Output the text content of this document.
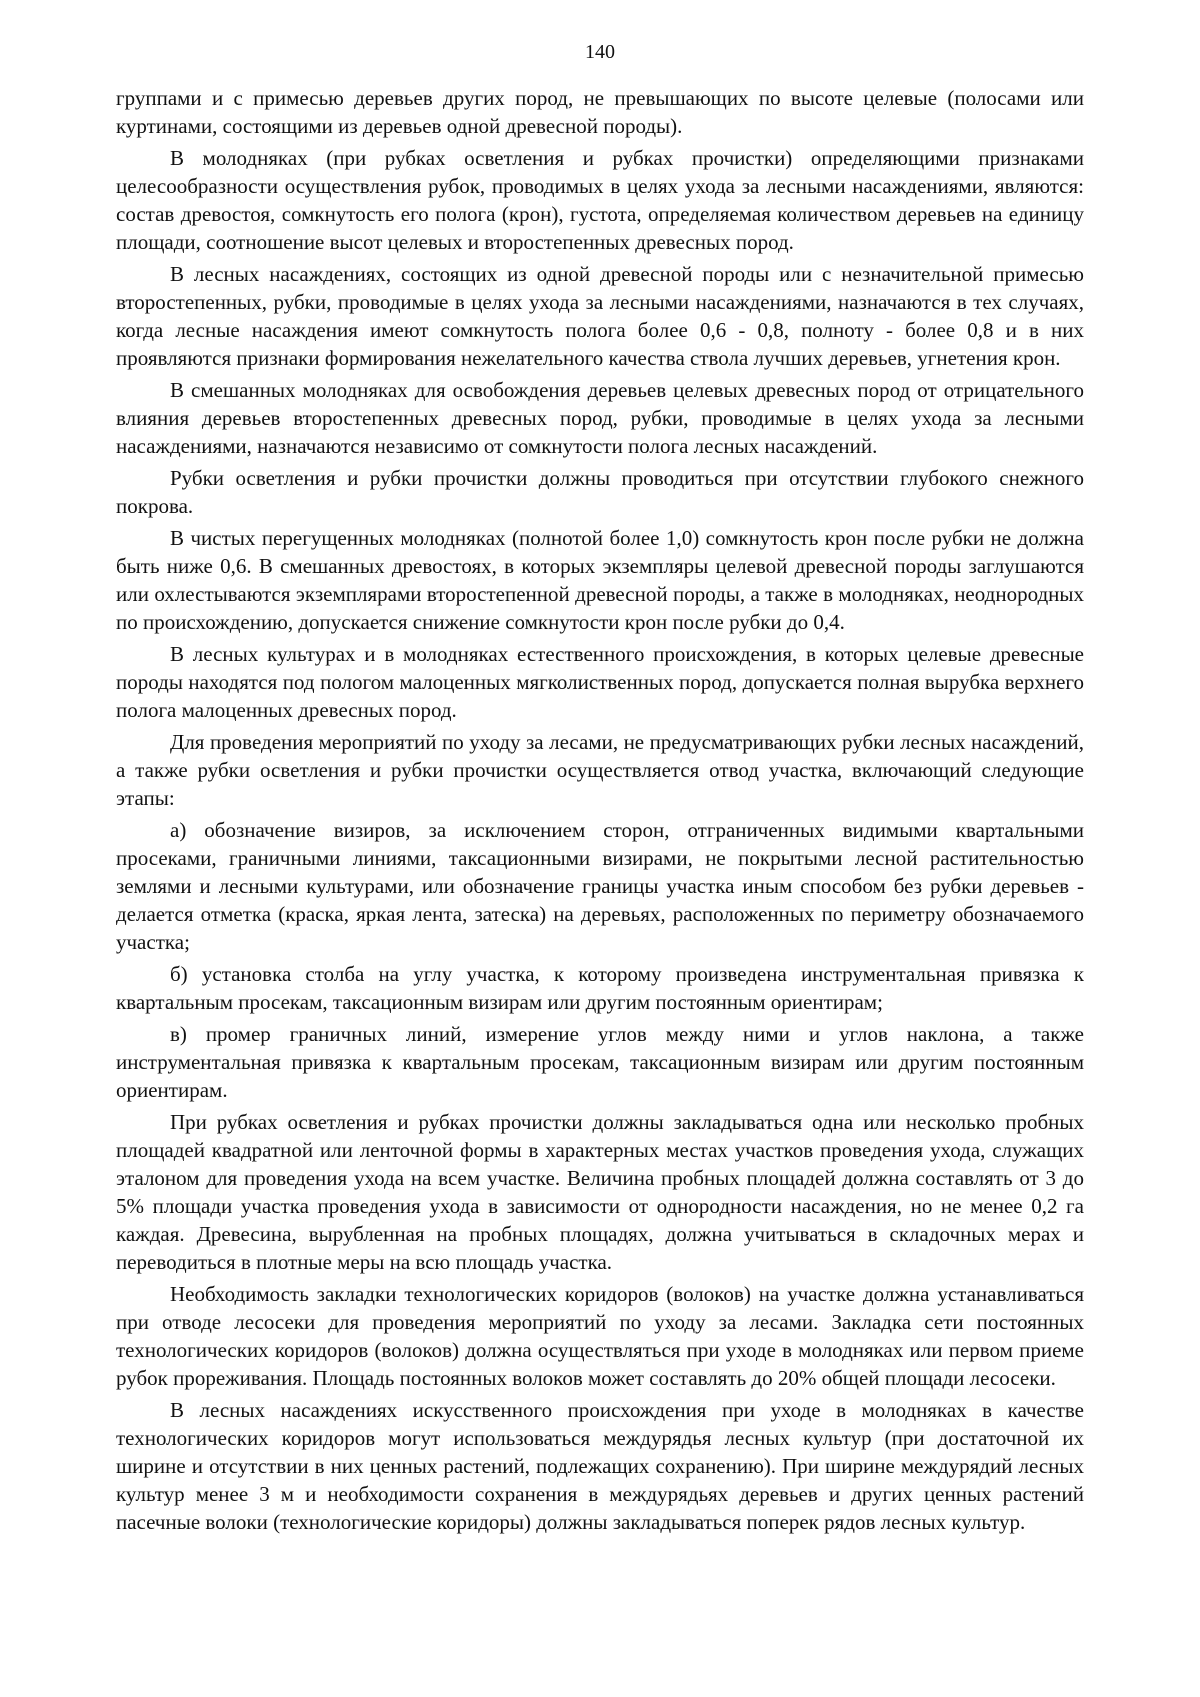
140

группами и с примесью деревьев других пород, не превышающих по высоте целевые (полосами или куртинами, состоящими из деревьев одной древесной породы).

В молодняках (при рубках осветления и рубках прочистки) определяющими признаками целесообразности осуществления рубок, проводимых в целях ухода за лесными насаждениями, являются: состав древостоя, сомкнутость его полога (крон), густота, определяемая количеством деревьев на единицу площади, соотношение высот целевых и второстепенных древесных пород.

В лесных насаждениях, состоящих из одной древесной породы или с незначительной примесью второстепенных, рубки, проводимые в целях ухода за лесными насаждениями, назначаются в тех случаях, когда лесные насаждения имеют сомкнутость полога более 0,6 - 0,8, полноту - более 0,8 и в них проявляются признаки формирования нежелательного качества ствола лучших деревьев, угнетения крон.

В смешанных молодняках для освобождения деревьев целевых древесных пород от отрицательного влияния деревьев второстепенных древесных пород, рубки, проводимые в целях ухода за лесными насаждениями, назначаются независимо от сомкнутости полога лесных насаждений.

Рубки осветления и рубки прочистки должны проводиться при отсутствии глубокого снежного покрова.

В чистых перегущенных молодняках (полнотой более 1,0) сомкнутость крон после рубки не должна быть ниже 0,6. В смешанных древостоях, в которых экземпляры целевой древесной породы заглушаются или охлестываются экземплярами второстепенной древесной породы, а также в молодняках, неоднородных по происхождению, допускается снижение сомкнутости крон после рубки до 0,4.

В лесных культурах и в молодняках естественного происхождения, в которых целевые древесные породы находятся под пологом малоценных мягколиственных пород, допускается полная вырубка верхнего полога малоценных древесных пород.

Для проведения мероприятий по уходу за лесами, не предусматривающих рубки лесных насаждений, а также рубки осветления и рубки прочистки осуществляется отвод участка, включающий следующие этапы:

а) обозначение визиров, за исключением сторон, отграниченных видимыми квартальными просеками, граничными линиями, таксационными визирами, не покрытыми лесной растительностью землями и лесными культурами, или обозначение границы участка иным способом без рубки деревьев - делается отметка (краска, яркая лента, затеска) на деревьях, расположенных по периметру обозначаемого участка;

б) установка столба на углу участка, к которому произведена инструментальная привязка к квартальным просекам, таксационным визирам или другим постоянным ориентирам;

в) промер граничных линий, измерение углов между ними и углов наклона, а также инструментальная привязка к квартальным просекам, таксационным визирам или другим постоянным ориентирам.

При рубках осветления и рубках прочистки должны закладываться одна или несколько пробных площадей квадратной или ленточной формы в характерных местах участков проведения ухода, служащих эталоном для проведения ухода на всем участке. Величина пробных площадей должна составлять от 3 до 5% площади участка проведения ухода в зависимости от однородности насаждения, но не менее 0,2 га каждая. Древесина, вырубленная на пробных площадях, должна учитываться в складочных мерах и переводиться в плотные меры на всю площадь участка.

Необходимость закладки технологических коридоров (волоков) на участке должна устанавливаться при отводе лесосеки для проведения мероприятий по уходу за лесами. Закладка сети постоянных технологических коридоров (волоков) должна осуществляться при уходе в молодняках или первом приеме рубок прореживания. Площадь постоянных волоков может составлять до 20% общей площади лесосеки.

В лесных насаждениях искусственного происхождения при уходе в молодняках в качестве технологических коридоров могут использоваться междурядья лесных культур (при достаточной их ширине и отсутствии в них ценных растений, подлежащих сохранению). При ширине междурядий лесных культур менее 3 м и необходимости сохранения в междурядьях деревьев и других ценных растений пасечные волоки (технологические коридоры) должны закладываться поперек рядов лесных культур.
